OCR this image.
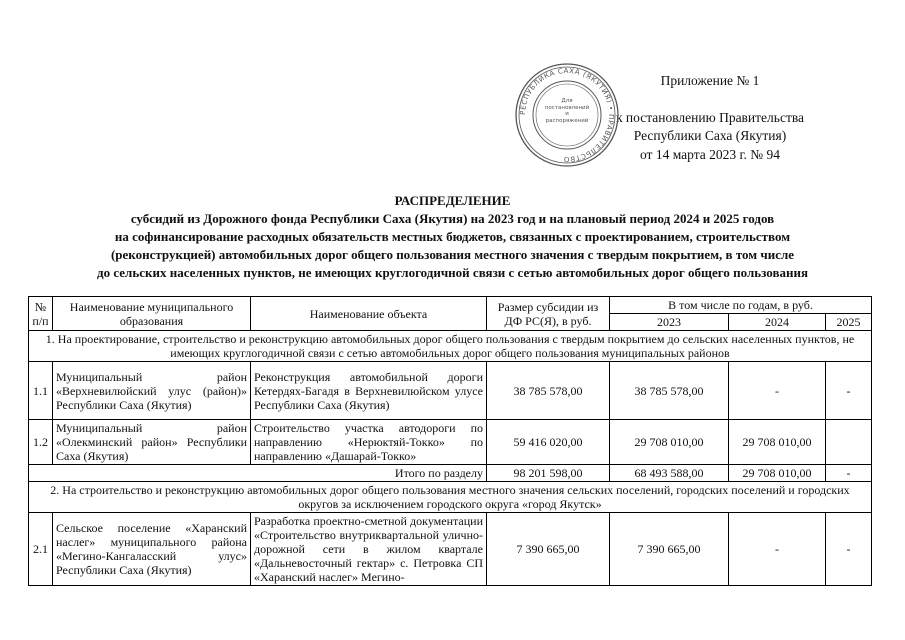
Приложение № 1
к постановлению Правительства
Республики Саха (Якутия)
от 14 марта 2023 г. № 94
РЕСПУБЛИКА САХА (ЯКУТИЯ) • ПРАВИТЕЛЬСТВО
Для постановлений и распоряжений
РАСПРЕДЕЛЕНИЕ
субсидий из Дорожного фонда Республики Саха (Якутия) на 2023 год и на плановый период 2024 и 2025 годов
на софинансирование расходных обязательств местных бюджетов, связанных с проектированием, строительством
(реконструкцией) автомобильных дорог общего пользования местного значения с твердым покрытием, в том числе
до сельских населенных пунктов, не имеющих круглогодичной связи с сетью автомобильных дорог общего пользования
№ п/п	Наименование муниципального образования	Наименование объекта	Размер субсидии из ДФ РС(Я), в руб.	В том числе по годам, в руб.		
				2023	2024	2025
1. На проектирование, строительство и реконструкцию автомобильных дорог общего пользования с твердым покрытием до сельских населенных пунктов, не имеющих круглогодичной связи с сетью автомобильных дорог общего пользования муниципальных районов						
1.1	Муниципальный район «Верхневилюйский улус (район)» Республики Саха (Якутия)	Реконструкция автомобильной дороги Кетердях-Багадя в Верхневилюйском улусе Республики Саха (Якутия)	38 785 578,00	38 785 578,00	-	-
1.2	Муниципальный район «Олекминский район» Республики Саха (Якутия)	Строительство участка автодороги по направлению «Нерюктяй-Токко» по направлению «Дашарай-Токко»	59 416 020,00	29 708 010,00	29 708 010,00	
Итого по разделу			98 201 598,00	68 493 588,00	29 708 010,00	-
2. На строительство и реконструкцию автомобильных дорог общего пользования местного значения сельских поселений, городских поселений и городских округов за исключением городского округа «город Якутск»						
2.1	Сельское поселение «Харанский наслег» муниципального района «Мегино-Кангаласский улус» Республики Саха (Якутия)	Разработка проектно-сметной документации «Строительство внутриквартальной улично-дорожной сети в жилом квартале «Дальневосточный гектар» с. Петровка СП «Харанский наслег» Мегино-	7 390 665,00	7 390 665,00	-	-
